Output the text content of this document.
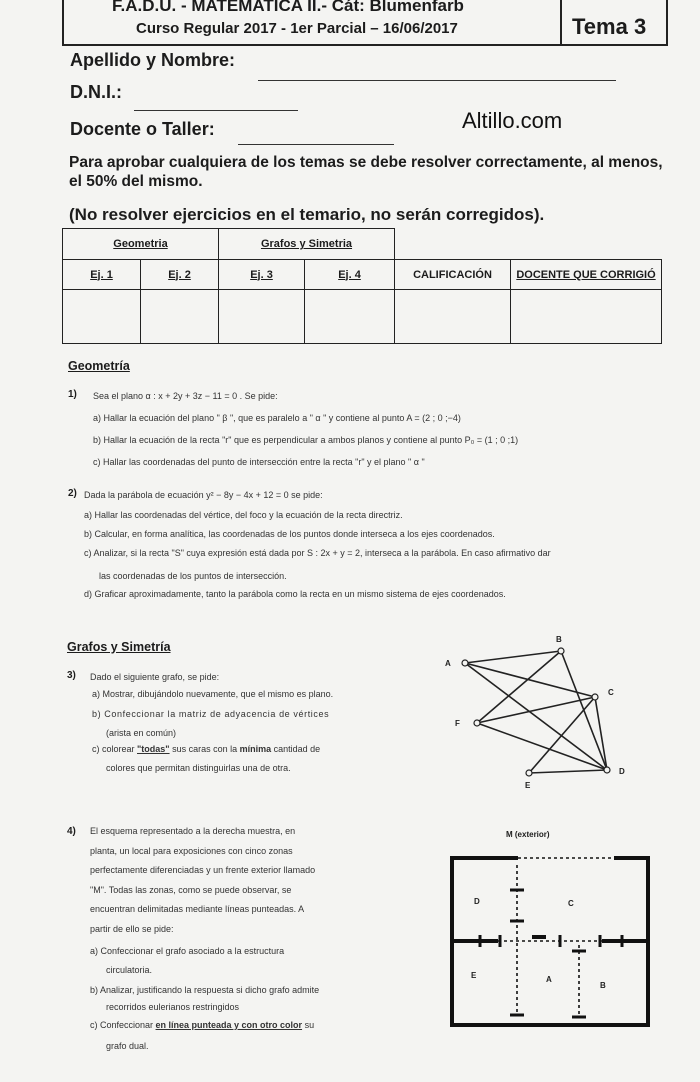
F.A.D.U. - MATEMATICA II.- Cát: Blumenfarb
Curso Regular 2017 - 1er Parcial – 16/06/2017	Tema 3
Apellido y Nombre:
D.N.I.:
Docente o Taller:	Altillo.com
Para aprobar cualquiera de los temas se debe resolver correctamente, al menos, el 50% del mismo.
(No resolver ejercicios en el temario, no serán corregidos).
Geometria		Grafos y Simetria			
Ej. 1	Ej. 2	Ej. 3	Ej. 4	CALIFICACIÓN	DOCENTE QUE CORRIGIÓ

Geometría
1) Sea el plano α : x + 2y + 3z − 11 = 0 . Se pide:
a) Hallar la ecuación del plano " β ", que es paralelo a " α " y contiene al punto A = (2 ; 0 ;−4)
b) Hallar la ecuación de la recta "r" que es perpendicular a ambos planos y contiene al punto P₀ = (1 ; 0 ;1)
c) Hallar las coordenadas del punto de intersección entre la recta "r" y el plano " α "
2) Dada la parábola de ecuación y² − 8y − 4x + 12 = 0 se pide:
a) Hallar las coordenadas del vértice, del foco y la ecuación de la recta directriz.
b) Calcular, en forma analítica, las coordenadas de los puntos donde interseca a los ejes coordenados.
c) Analizar, si la recta "S" cuya expresión está dada por S : 2x + y = 2, interseca a la parábola. En caso afirmativo dar
las coordenadas de los puntos de intersección.
d) Graficar aproximadamente, tanto la parábola como la recta en un mismo sistema de ejes coordenados.
Grafos y Simetría
3) Dado el siguiente grafo, se pide:
a) Mostrar, dibujándolo nuevamente, que el mismo es plano.
b) Confeccionar la matriz de adyacencia de vértices
(arista en común)
c) colorear "todas" sus caras con la mínima cantidad de
colores que permitan distinguirlas una de otra.
A
B
C
D
E
F
4) El esquema representado a la derecha muestra, en
planta, un local para exposiciones con cinco zonas
perfectamente diferenciadas y un frente exterior llamado
"M". Todas las zonas, como se puede observar, se
encuentran delimitadas mediante líneas punteadas. A
partir de ello se pide:
a) Confeccionar el grafo asociado a la estructura
circulatoria.
b) Analizar, justificando la respuesta si dicho grafo admite
recorridos eulerianos restringidos
c) Confeccionar en línea punteada y con otro color su
grafo dual.
M (exterior)
D	C
E	A
B
